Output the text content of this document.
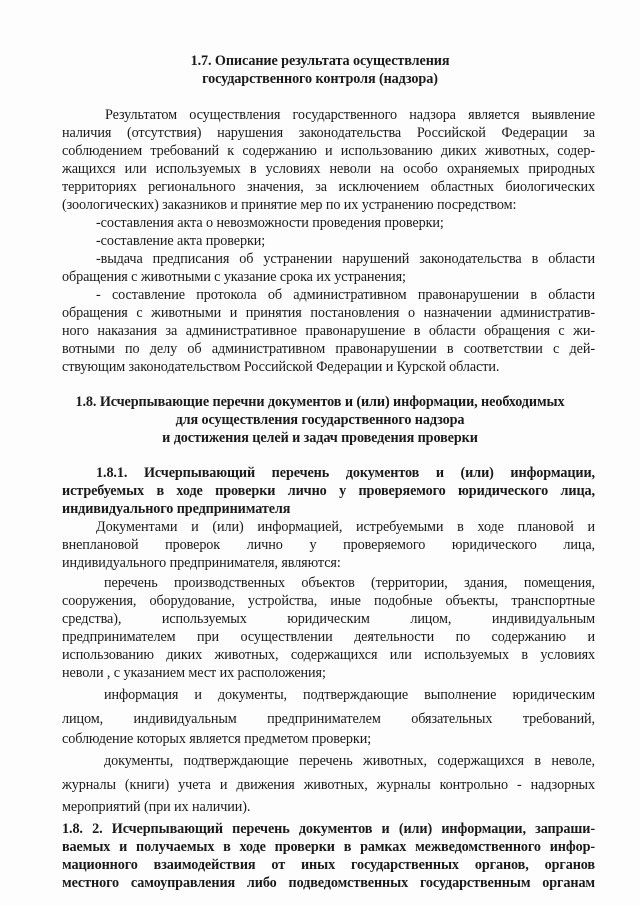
1.7. Описание результата осуществления

государственного контроля (надзора)

Результатом осуществления государственного надзора является выявление

наличия (отсутствия) нарушения законодательства Российской Федерации за

соблюдением требований к содержанию и использованию диких животных, содер-

жащихся или используемых в условиях неволи на особо охраняемых природных

территориях регионального значения, за исключением областных биологических

(зоологических) заказников и принятие мер по их устранению посредством:

-составления акта о невозможности проведения проверки;

-составление акта проверки;

-выдача предписания об устранении нарушений законодательства в области

обращения с животными с указание срока их устранения;

- составление протокола об административном правонарушении в области

обращения с животными и принятия постановления о назначении административ-

ного наказания за административное правонарушение в области обращения с жи-

вотными по делу об административном правонарушении в соответствии с дей-

ствующим законодательством Российской Федерации и Курской области.

1.8. Исчерпывающие перечни документов и (или) информации, необходимых

для осуществления государственного надзора

и достижения целей и задач проведения проверки

1.8.1. Исчерпывающий перечень документов и (или) информации,

истребуемых в ходе проверки лично у проверяемого юридического лица,

индивидуального предпринимателя

Документами и (или) информацией, истребуемыми в ходе плановой и

внеплановой проверок лично у проверяемого юридического лица,

индивидуального предпринимателя, являются:

перечень производственных объектов (территории, здания, помещения,

сооружения, оборудование, устройства, иные подобные объекты, транспортные

средства), используемых юридическим лицом, индивидуальным

предпринимателем при осуществлении деятельности по содержанию и

использованию диких животных, содержащихся или используемых в условиях

неволи , с указанием мест их расположения;

информация и документы, подтверждающие выполнение юридическим

лицом, индивидуальным предпринимателем обязательных требований,

соблюдение которых является предметом проверки;

документы, подтверждающие перечень животных, содержащихся в неволе,

журналы (книги) учета и движения животных, журналы контрольно - надзорных

мероприятий (при их наличии).

1.8. 2. Исчерпывающий перечень документов и (или) информации, запраши-

ваемых и получаемых в ходе проверки в рамках межведомственного инфор-

мационного взаимодействия от иных государственных органов, органов

местного самоуправления либо подведомственных государственным органам
